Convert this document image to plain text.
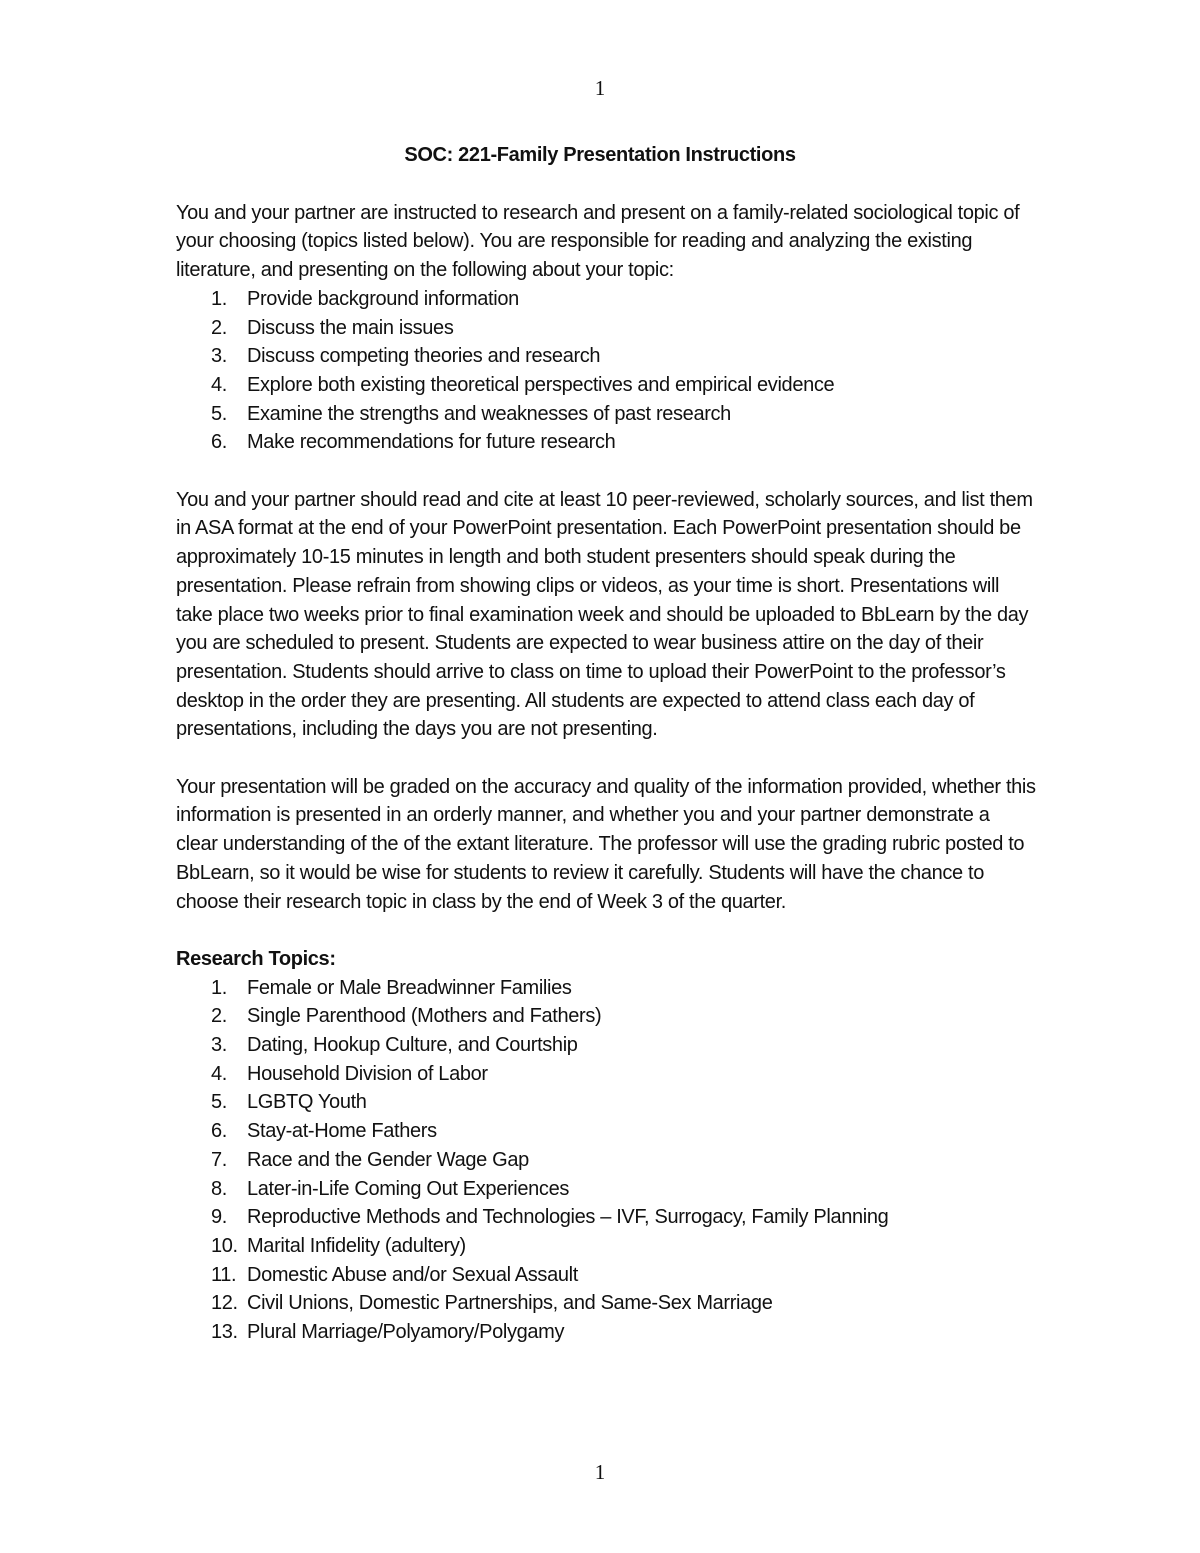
1
SOC: 221-Family Presentation Instructions

You and your partner are instructed to research and present on a family-related sociological topic of your choosing (topics listed below). You are responsible for reading and analyzing the existing literature, and presenting on the following about your topic:

1. Provide background information
2. Discuss the main issues
3. Discuss competing theories and research
4. Explore both existing theoretical perspectives and empirical evidence
5. Examine the strengths and weaknesses of past research
6. Make recommendations for future research

You and your partner should read and cite at least 10 peer-reviewed, scholarly sources, and list them in ASA format at the end of your PowerPoint presentation. Each PowerPoint presentation should be approximately 10-15 minutes in length and both student presenters should speak during the presentation. Please refrain from showing clips or videos, as your time is short. Presentations will take place two weeks prior to final examination week and should be uploaded to BbLearn by the day you are scheduled to present. Students are expected to wear business attire on the day of their presentation. Students should arrive to class on time to upload their PowerPoint to the professor’s desktop in the order they are presenting. All students are expected to attend class each day of presentations, including the days you are not presenting.

Your presentation will be graded on the accuracy and quality of the information provided, whether this information is presented in an orderly manner, and whether you and your partner demonstrate a clear understanding of the of the extant literature. The professor will use the grading rubric posted to BbLearn, so it would be wise for students to review it carefully. Students will have the chance to choose their research topic in class by the end of Week 3 of the quarter.

Research Topics:

1. Female or Male Breadwinner Families
2. Single Parenthood (Mothers and Fathers)
3. Dating, Hookup Culture, and Courtship
4. Household Division of Labor
5. LGBTQ Youth
6. Stay-at-Home Fathers
7. Race and the Gender Wage Gap
8. Later-in-Life Coming Out Experiences
9. Reproductive Methods and Technologies – IVF, Surrogacy, Family Planning
10. Marital Infidelity (adultery)
11. Domestic Abuse and/or Sexual Assault
12. Civil Unions, Domestic Partnerships, and Same-Sex Marriage
13. Plural Marriage/Polyamory/Polygamy
1
